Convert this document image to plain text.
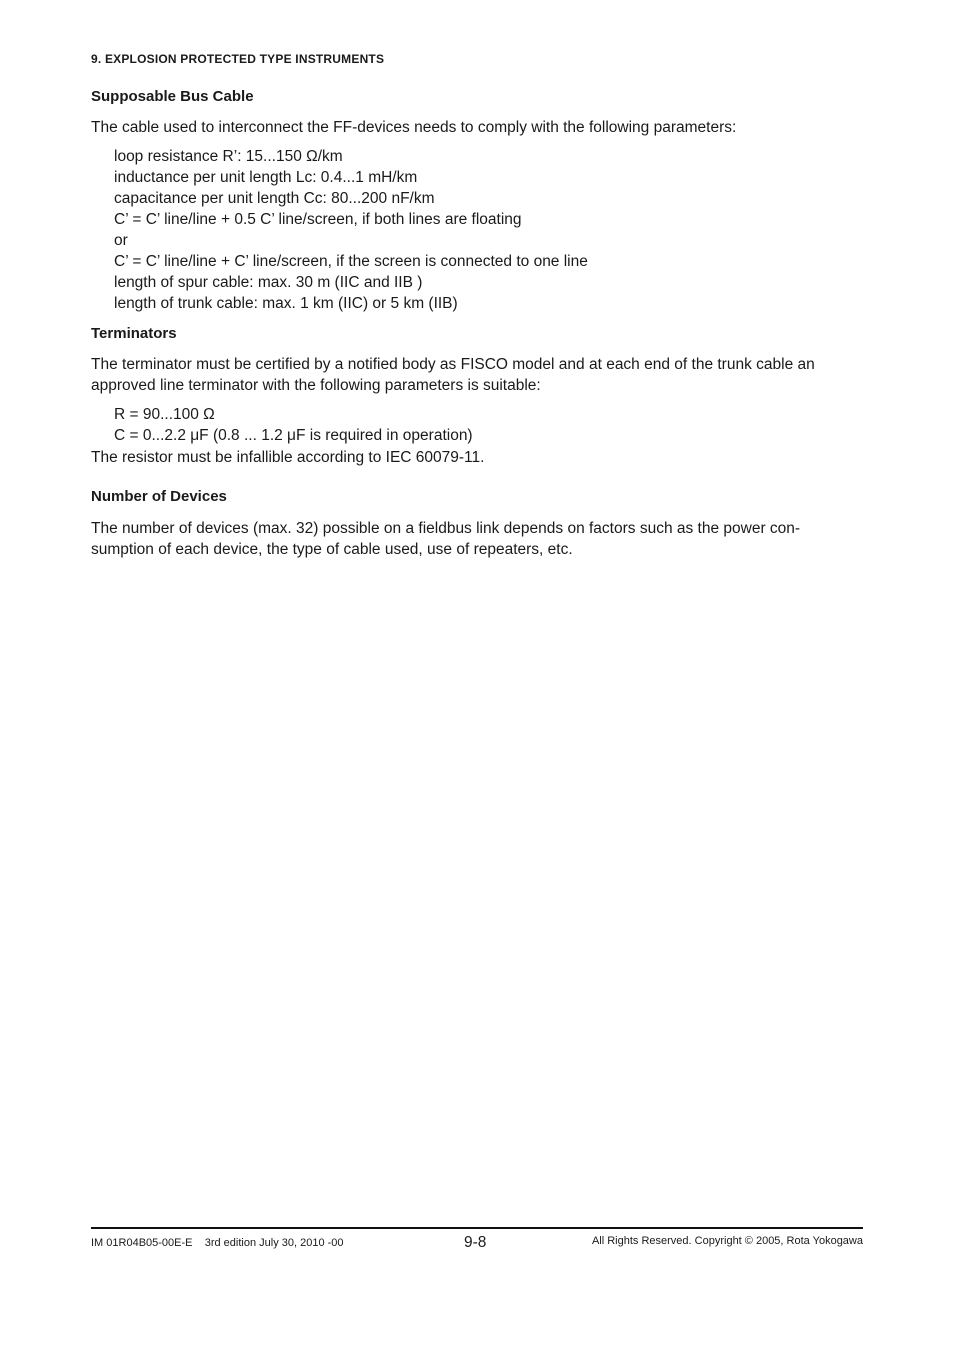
9. EXPLOSION PROTECTED TYPE INSTRUMENTS
Supposable Bus Cable
The cable used to interconnect the FF-devices needs to comply with the following parameters:
loop resistance R’: 15...150 Ω/km
inductance per unit length Lc: 0.4...1 mH/km
capacitance per unit length Cc: 80...200 nF/km
C’ = C’ line/line + 0.5 C’ line/screen, if both lines are floating
or
C’ = C’ line/line + C’ line/screen, if the screen is connected to one line
length of spur cable: max. 30 m (IIC and IIB )
length of trunk cable: max. 1 km (IIC) or 5 km (IIB)
Terminators
The terminator must be certified by a notified body as FISCO model and at each end of the trunk cable an
approved line terminator with the following parameters is suitable:
R = 90...100 Ω
C = 0...2.2 μF (0.8 ... 1.2 μF is required in operation)
The resistor must be infallible according to IEC 60079-11.
Number of Devices
The number of devices (max. 32) possible on a fieldbus link depends on factors such as the power con-
sumption of each device, the type of cable used, use of repeaters, etc.
IM 01R04B05-00E-E    3rd edition July 30, 2010 -00	9-8	All Rights Reserved. Copyright © 2005, Rota Yokogawa
